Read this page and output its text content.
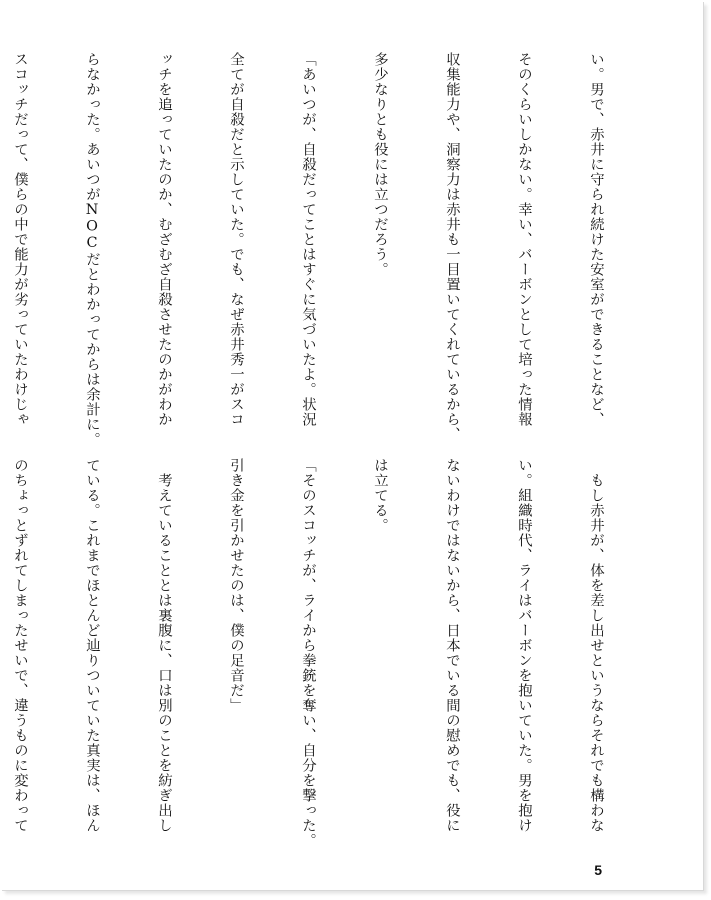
い。男で、赤井に守られ続けた安室ができることなど、

そのくらいしかない。幸い、バーボンとして培った情報

収集能力や、洞察力は赤井も一目置いてくれているから、

多少なりとも役には立つだろう。

「あいつが、自殺だってことはすぐに気づいたよ。状況

全てが自殺だと示していた。でも、なぜ赤井秀一がスコ

ッチを追っていたのか、むざむざ自殺させたのかがわか

らなかった。あいつがNOCだとわかってからは余計に。

スコッチだって、僕らの中で能力が劣っていたわけじゃ

　もし赤井が、体を差し出せというならそれでも構わな

い。組織時代、ライはバーボンを抱いていた。男を抱け

ないわけではないから、日本でいる間の慰めでも、役に

は立てる。

「そのスコッチが、ライから拳銃を奪い、自分を撃った。

引き金を引かせたのは、僕の足音だ」

　考えていることとは裏腹に、口は別のことを紡ぎ出し

ている。これまでほとんど辿りついていた真実は、ほん

のちょっとずれてしまったせいで、違うものに変わって

5
